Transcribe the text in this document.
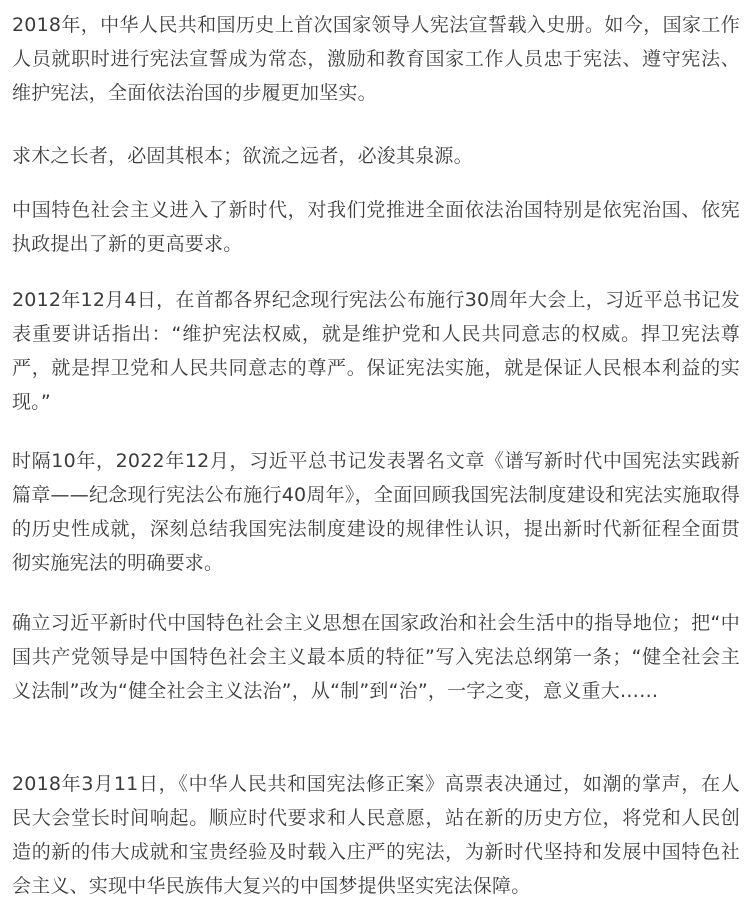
2018年，中华人民共和国历史上首次国家领导人宪法宣誓载入史册。如今，国家工作人员就职时进行宪法宣誓成为常态，激励和教育国家工作人员忠于宪法、遵守宪法、维护宪法，全面依法治国的步履更加坚实。

求木之长者，必固其根本；欲流之远者，必浚其泉源。

中国特色社会主义进入了新时代，对我们党推进全面依法治国特别是依宪治国、依宪执政提出了新的更高要求。

2012年12月4日，在首都各界纪念现行宪法公布施行30周年大会上，习近平总书记发表重要讲话指出：“维护宪法权威，就是维护党和人民共同意志的权威。捍卫宪法尊严，就是捍卫党和人民共同意志的尊严。保证宪法实施，就是保证人民根本利益的实现。”

时隔10年，2022年12月，习近平总书记发表署名文章《谱写新时代中国宪法实践新篇章——纪念现行宪法公布施行40周年》，全面回顾我国宪法制度建设和宪法实施取得的历史性成就，深刻总结我国宪法制度建设的规律性认识，提出新时代新征程全面贯彻实施宪法的明确要求。

确立习近平新时代中国特色社会主义思想在国家政治和社会生活中的指导地位；把“中国共产党领导是中国特色社会主义最本质的特征”写入宪法总纲第一条；“健全社会主义法制”改为“健全社会主义法治”，从“制”到“治”，一字之变，意义重大……

2018年3月11日，《中华人民共和国宪法修正案》高票表决通过，如潮的掌声，在人民大会堂长时间响起。顺应时代要求和人民意愿，站在新的历史方位，将党和人民创造的新的伟大成就和宝贵经验及时载入庄严的宪法，为新时代坚持和发展中国特色社会主义、实现中华民族伟大复兴的中国梦提供坚实宪法保障。
